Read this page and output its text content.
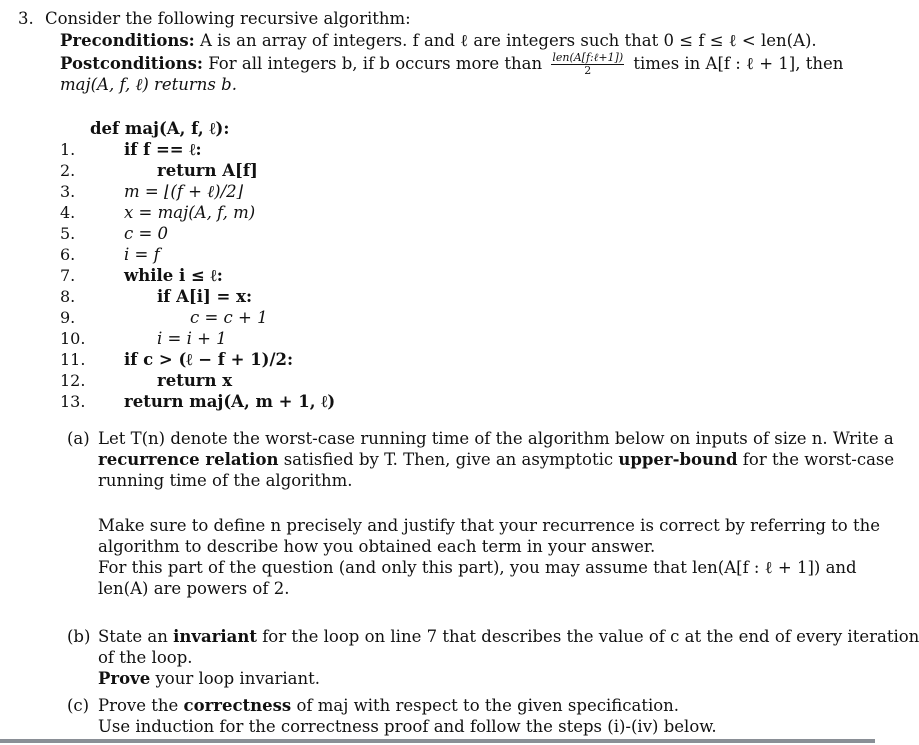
3. Consider the following recursive algorithm:
Preconditions: A is an array of integers. f and ℓ are integers such that 0 ≤ f ≤ ℓ < len(A).
Postconditions: For all integers b, if b occurs more than $\frac{\text{len(A[f:ℓ+1])}}{2}$ times in A[f : ℓ + 1], then
maj(A, f, ℓ) returns b.
def maj(A, f, ℓ):
1.	if f == ℓ:
2.	return A[f]
3.	m = ⌊(f + ℓ)/2⌋
4.	x = maj(A, f, m)
5.	c = 0
6.	i = f
7.	while i ≤ ℓ:
8.	if A[i] = x:
9.	c = c + 1
10.	i = i + 1
11. if c > (ℓ − f + 1)/2:
12.	return x
13. return maj(A, m + 1, ℓ)
(a) Let T(n) denote the worst-case running time of the algorithm below on inputs of size n. Write a
recurrence relation satisfied by T. Then, give an asymptotic upper-bound for the worst-case
running time of the algorithm.
Make sure to define n precisely and justify that your recurrence is correct by referring to the
algorithm to describe how you obtained each term in your answer.
For this part of the question (and only this part), you may assume that len(A[f : ℓ + 1]) and
len(A) are powers of 2.
(b) State an invariant for the loop on line 7 that describes the value of c at the end of every iteration
of the loop.
Prove your loop invariant.
(c) Prove the correctness of maj with respect to the given specification.
Use induction for the correctness proof and follow the steps (i)-(iv) below.
